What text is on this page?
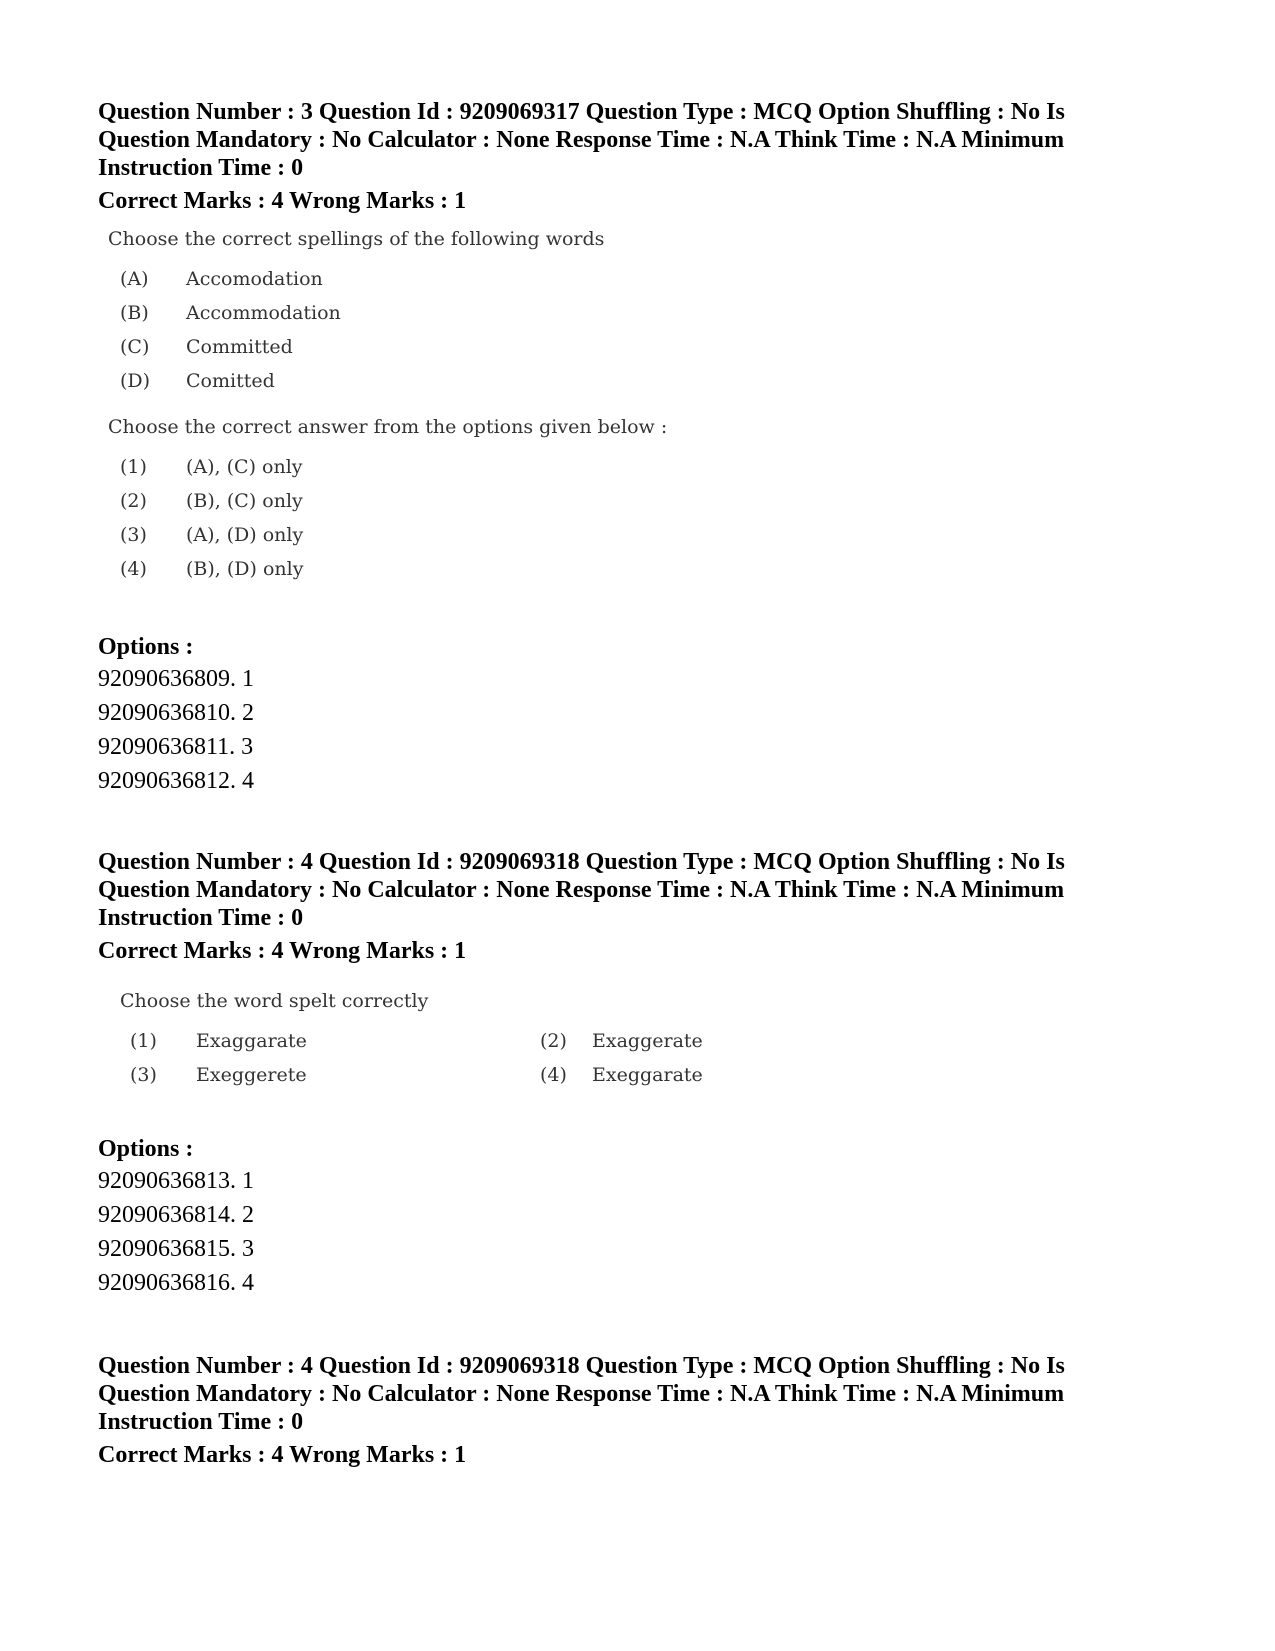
Question Number : 3 Question Id : 9209069317 Question Type : MCQ Option Shuffling : No Is
Question Mandatory : No Calculator : None Response Time : N.A Think Time : N.A Minimum
Instruction Time : 0
Correct Marks : 4 Wrong Marks : 1

Choose the correct spellings of the following words

(A)	Accomodation
(B)	Accommodation
(C)	Committed
(D)	Comitted

Choose the correct answer from the options given below :

(1)	(A), (C) only
(2)	(B), (C) only
(3)	(A), (D) only
(4)	(B), (D) only
Options :
92090636809. 1
92090636810. 2
92090636811. 3
92090636812. 4
Question Number : 4 Question Id : 9209069318 Question Type : MCQ Option Shuffling : No Is
Question Mandatory : No Calculator : None Response Time : N.A Think Time : N.A Minimum
Instruction Time : 0
Correct Marks : 4 Wrong Marks : 1

Choose the word spelt correctly

(1)	Exaggarate	(2)	Exaggerate
(3)	Exeggerete	(4)	Exeggarate
Options :
92090636813. 1
92090636814. 2
92090636815. 3
92090636816. 4
Question Number : 4 Question Id : 9209069318 Question Type : MCQ Option Shuffling : No Is
Question Mandatory : No Calculator : None Response Time : N.A Think Time : N.A Minimum
Instruction Time : 0
Correct Marks : 4 Wrong Marks : 1
